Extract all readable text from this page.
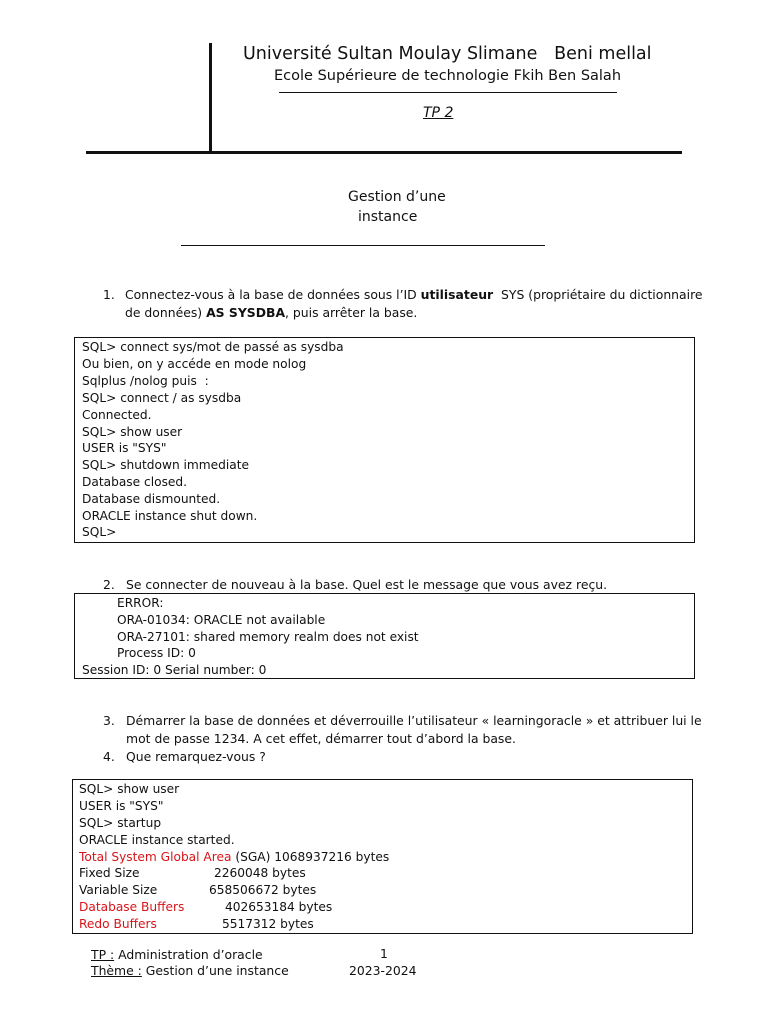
Université Sultan Moulay Slimane   Beni mellal
Ecole Supérieure de technologie Fkih Ben Salah
TP 2
Gestion d’une
instance
1. Connectez-vous à la base de données sous l’ID utilisateur  SYS (propriétaire du dictionnaire
de données) AS SYSDBA, puis arrêter la base.
SQL> connect sys/mot de passé as sysdba
Ou bien, on y accéde en mode nolog
Sqlplus /nolog puis  :
SQL> connect / as sysdba
Connected.
SQL> show user
USER is "SYS"
SQL> shutdown immediate
Database closed.
Database dismounted.
ORACLE instance shut down.
SQL>
2. Se connecter de nouveau à la base. Quel est le message que vous avez reçu.
ERROR:
ORA-01034: ORACLE not available
ORA-27101: shared memory realm does not exist
Process ID: 0
Session ID: 0 Serial number: 0
3. Démarrer la base de données et déverrouille l’utilisateur « learningoracle » et attribuer lui le
mot de passe 1234. A cet effet, démarrer tout d’abord la base.
4. Que remarquez-vous ?
SQL> show user
USER is "SYS"
SQL> startup
ORACLE instance started.
Total System Global Area (SGA) 1068937216 bytes
Fixed Size	2260048 bytes
Variable Size	658506672 bytes
Database Buffers	402653184 bytes
Redo Buffers	5517312 bytes
TP : Administration d’oracle	1
Thème : Gestion d’une instance	2023-2024
